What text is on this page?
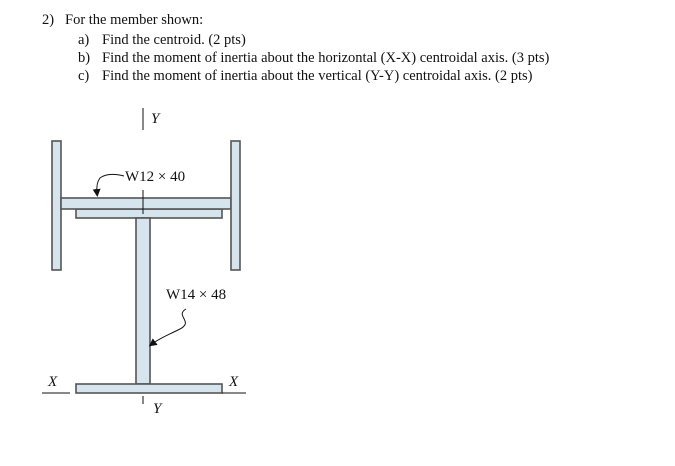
2) For the member shown:
a) Find the centroid. (2 pts)
b) Find the moment of inertia about the horizontal (X-X) centroidal axis. (3 pts)
c) Find the moment of inertia about the vertical (Y-Y) centroidal axis. (2 pts)
Y
Y
X	X
W12 × 40
W14 × 48
